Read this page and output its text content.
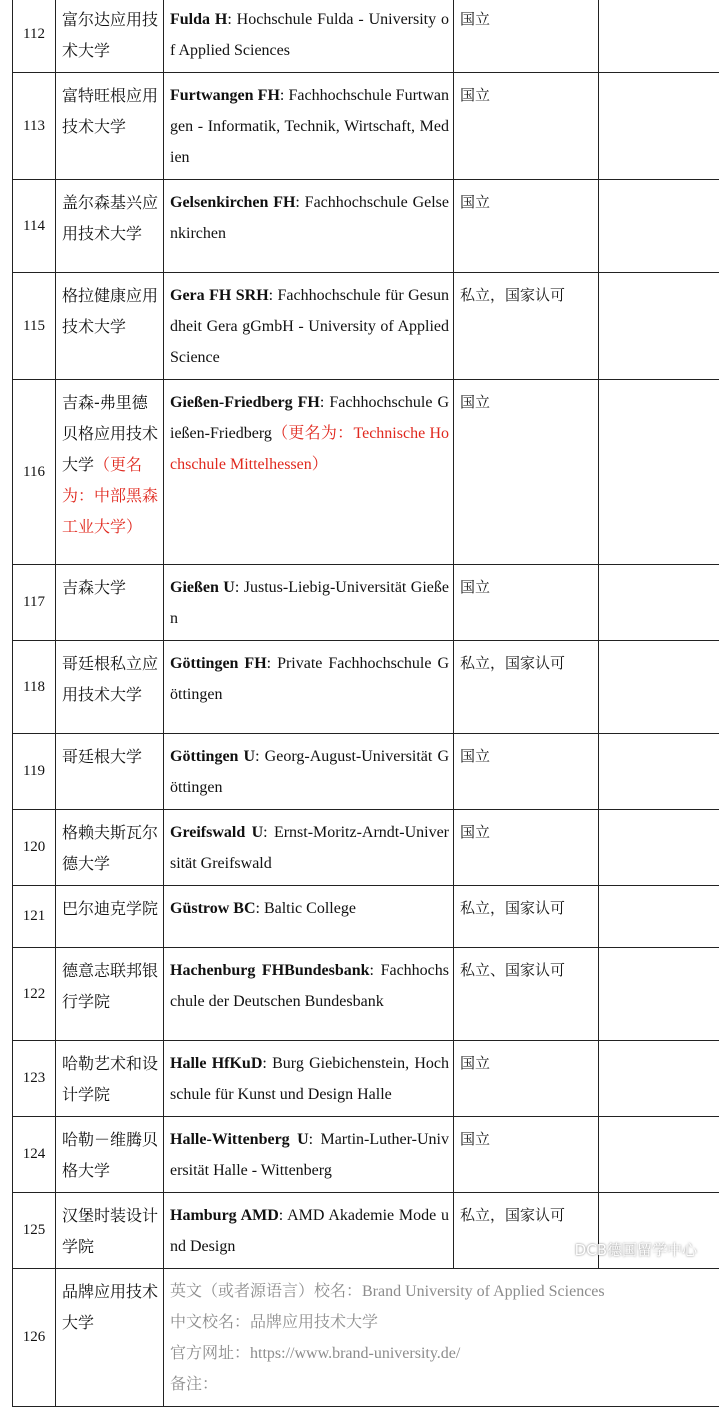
112	富尔达应用技术大学	Fulda H: Hochschule Fulda - University of Applied Sciences	国立	

113	富特旺根应用技术大学	Furtwangen FH: Fachhochschule Furtwangen - Informatik, Technik, Wirtschaft, Medien	国立	

114	盖尔森基兴应用技术大学	Gelsenkirchen FH: Fachhochschule Gelsenkirchen	国立	

115	格拉健康应用技术大学	Gera FH SRH: Fachhochschule für Gesundheit Gera gGmbH - University of Applied Science	私立，国家认可	

116	吉森-弗里德贝格应用技术大学（更名为：中部黑森工业大学）	Gießen-Friedberg FH: Fachhochschule Gießen-Friedberg（更名为：Technische Hochschule Mittelhessen）	国立	

117	吉森大学	Gießen U: Justus-Liebig-Universität Gießen	国立	

118	哥廷根私立应用技术大学	Göttingen FH: Private Fachhochschule Göttingen	私立，国家认可	

119	哥廷根大学	Göttingen U: Georg-August-Universität Göttingen	国立	

120	格赖夫斯瓦尔德大学	Greifswald U: Ernst-Moritz-Arndt-Universität Greifswald	国立	

121	巴尔迪克学院	Güstrow BC: Baltic College	私立，国家认可	

122	德意志联邦银行学院	Hachenburg FHBundesbank: Fachhochschule der Deutschen Bundesbank	私立、国家认可	

123	哈勒艺术和设计学院	Halle HfKuD: Burg Giebichenstein, Hochschule für Kunst und Design Halle	国立	

124	哈勒－维腾贝格大学	Halle-Wittenberg U: Martin-Luther-Universität Halle - Wittenberg	国立	

125	汉堡时装设计学院	Hamburg AMD: AMD Akademie Mode und Design	私立，国家认可	

126	品牌应用技术大学	英文（或者源语言）校名：Brand University of Applied Sciences
中文校名：品牌应用技术大学
官方网址：https://www.brand-university.de/
备注：		
DCB德国留学中心
